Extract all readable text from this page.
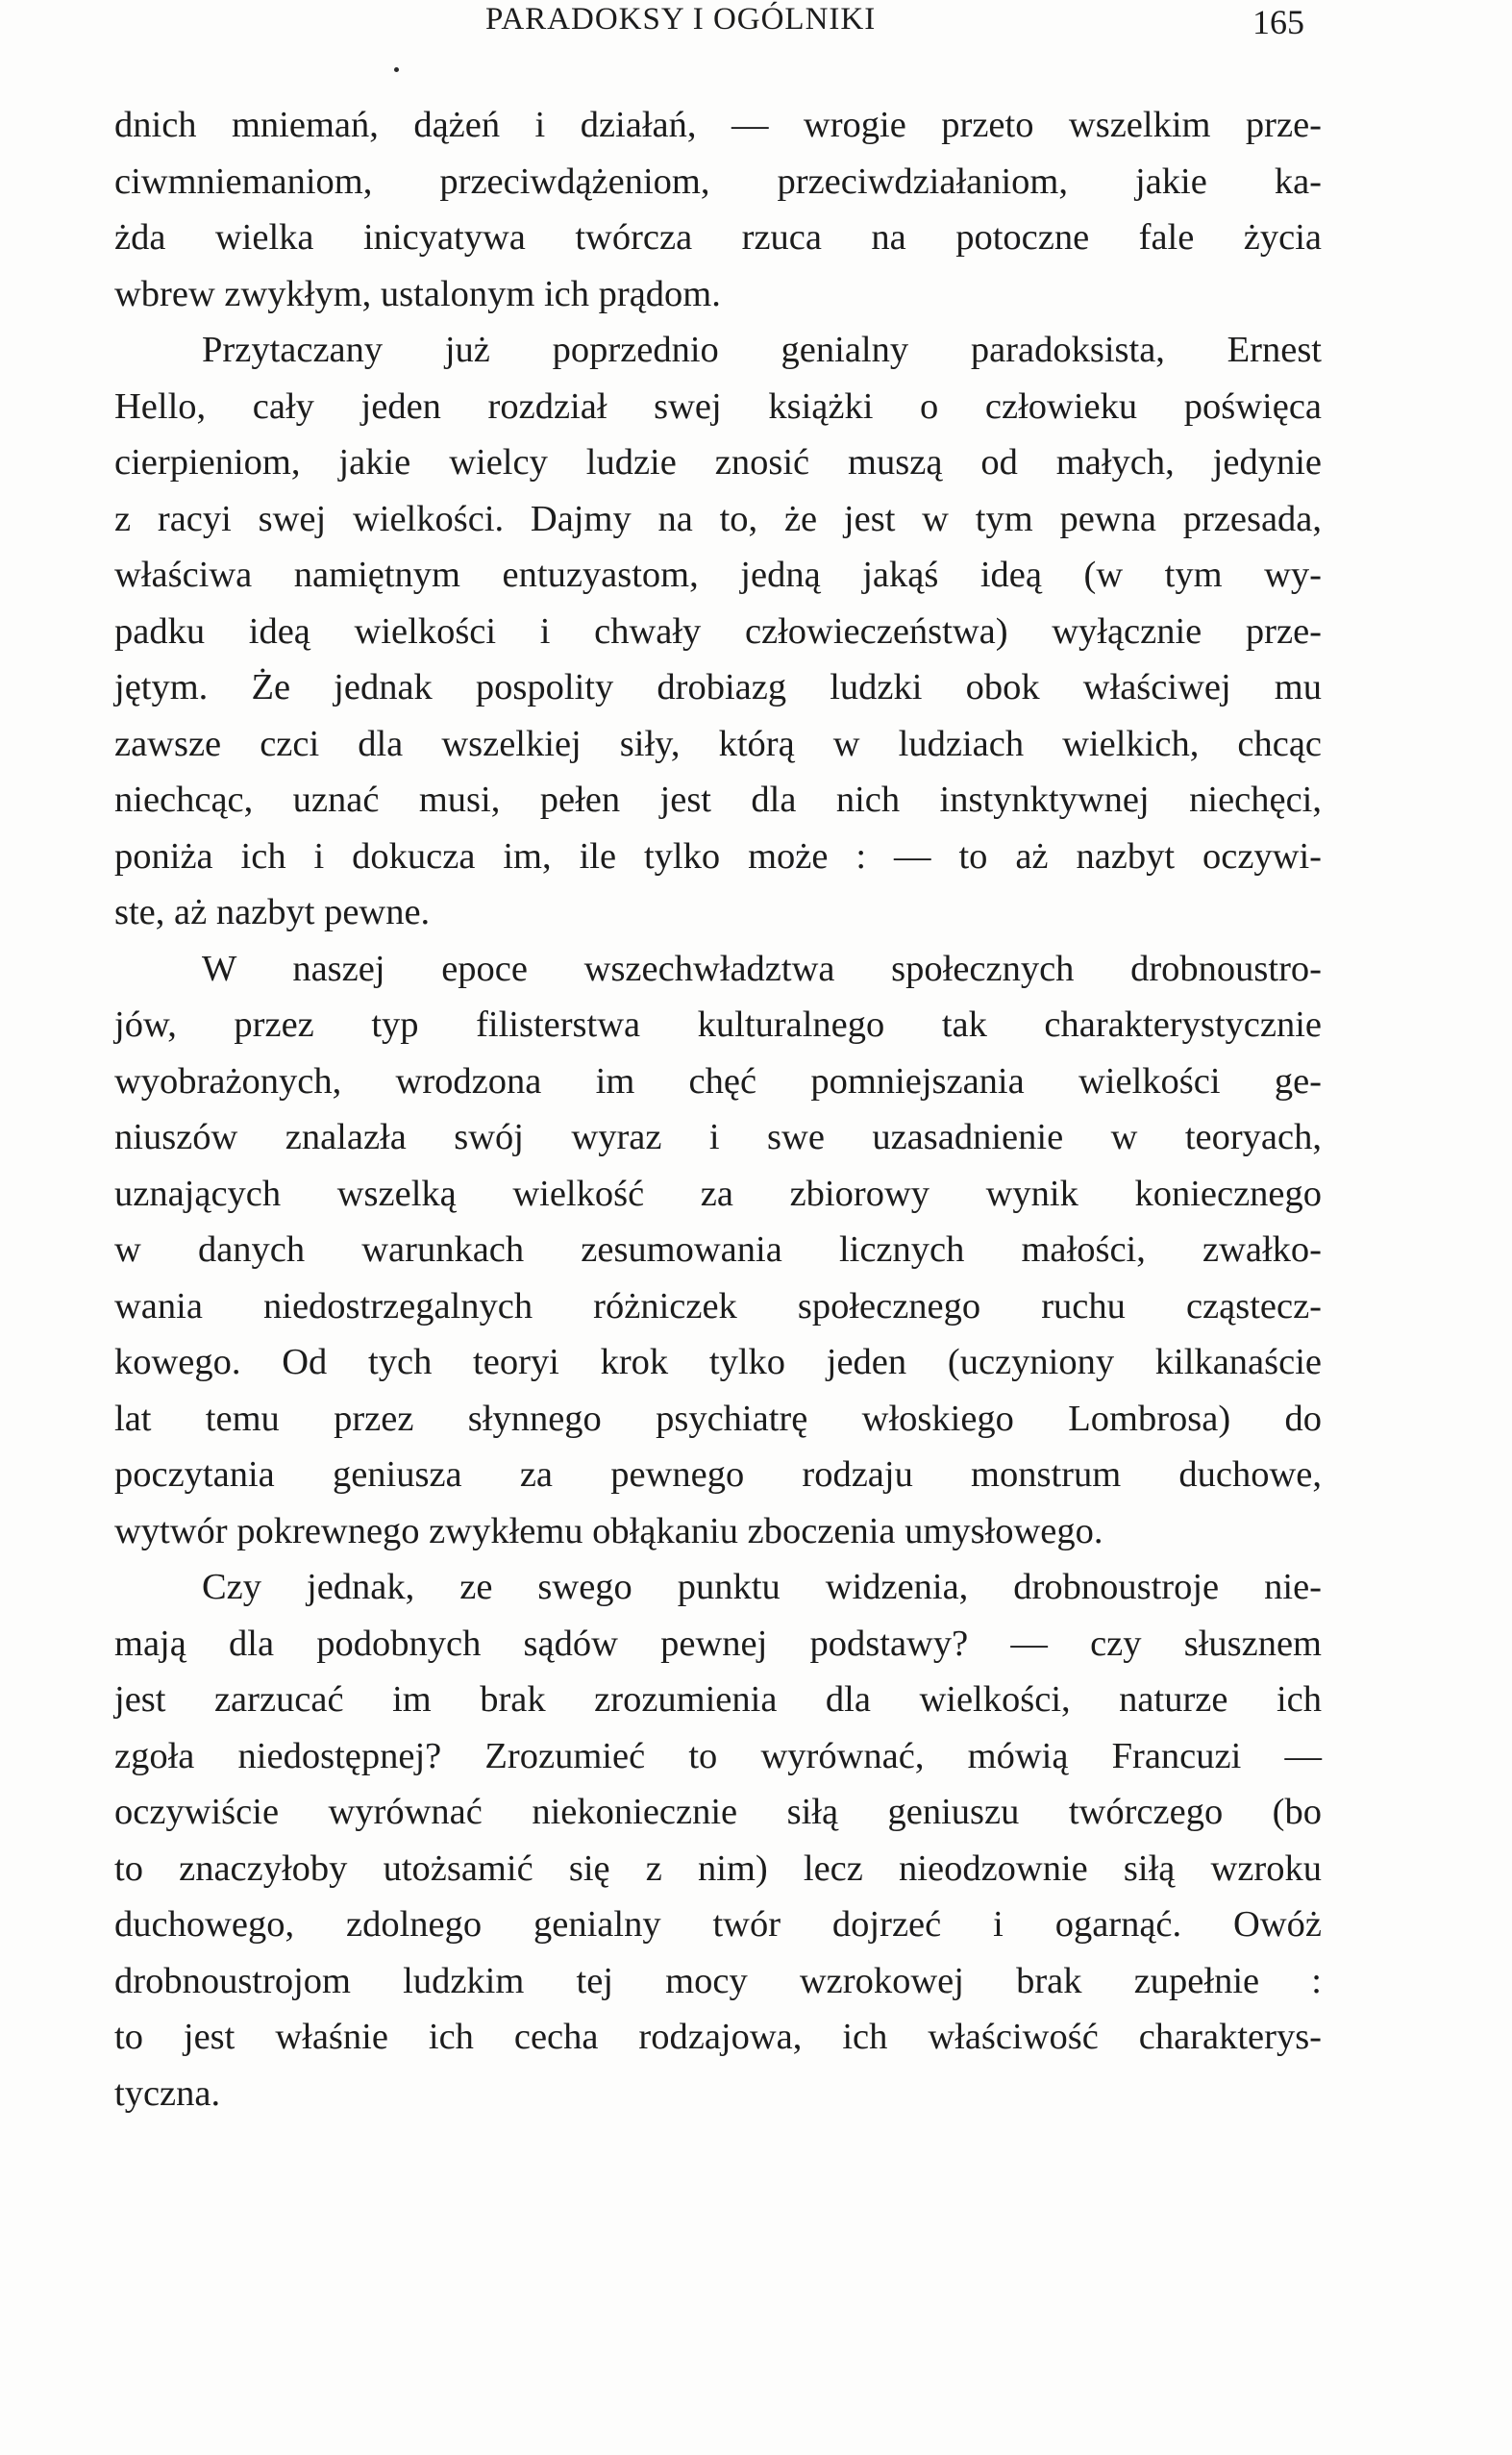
PARADOKSY I OGÓLNIKI	165
dnich mniemań, dążeń i działań, — wrogie przeto wszelkim prze-
ciwmniemaniom, przeciwdążeniom, przeciwdziałaniom, jakie ka-
żda wielka inicyatywa twórcza rzuca na potoczne fale życia
wbrew zwykłym, ustalonym ich prądom.
Przytaczany już poprzednio genialny paradoksista, Ernest
Hello, cały jeden rozdział swej książki o człowieku poświęca
cierpieniom, jakie wielcy ludzie znosić muszą od małych, jedynie
z racyi swej wielkości. Dajmy na to, że jest w tym pewna przesada,
właściwa namiętnym entuzyastom, jedną jakąś ideą (w tym wy-
padku ideą wielkości i chwały człowieczeństwa) wyłącznie prze-
jętym. Że jednak pospolity drobiazg ludzki obok właściwej mu
zawsze czci dla wszelkiej siły, którą w ludziach wielkich, chcąc
niechcąc, uznać musi, pełen jest dla nich instynktywnej niechęci,
poniża ich i dokucza im, ile tylko może : — to aż nazbyt oczywi-
ste, aż nazbyt pewne.
W naszej epoce wszechwładztwa społecznych drobnoustro-
jów, przez typ filisterstwa kulturalnego tak charakterystycznie
wyobrażonych, wrodzona im chęć pomniejszania wielkości ge-
niuszów znalazła swój wyraz i swe uzasadnienie w teoryach,
uznających wszelką wielkość za zbiorowy wynik koniecznego
w danych warunkach zesumowania licznych małości, zwałko-
wania niedostrzegalnych różniczek społecznego ruchu cząstecz-
kowego. Od tych teoryi krok tylko jeden (uczyniony kilkanaście
lat temu przez słynnego psychiatrę włoskiego Lombrosa) do
poczytania geniusza za pewnego rodzaju monstrum duchowe,
wytwór pokrewnego zwykłemu obłąkaniu zboczenia umysłowego.
Czy jednak, ze swego punktu widzenia, drobnoustroje nie-
mają dla podobnych sądów pewnej podstawy? — czy słusznem
jest zarzucać im brak zrozumienia dla wielkości, naturze ich
zgoła niedostępnej? Zrozumieć to wyrównać, mówią Francuzi —
oczywiście wyrównać niekoniecznie siłą geniuszu twórczego (bo
to znaczyłoby utożsamić się z nim) lecz nieodzownie siłą wzroku
duchowego, zdolnego genialny twór dojrzeć i ogarnąć. Owóż
drobnoustrojom ludzkim tej mocy wzrokowej brak zupełnie :
to jest właśnie ich cecha rodzajowa, ich właściwość charakterys-
tyczna.
